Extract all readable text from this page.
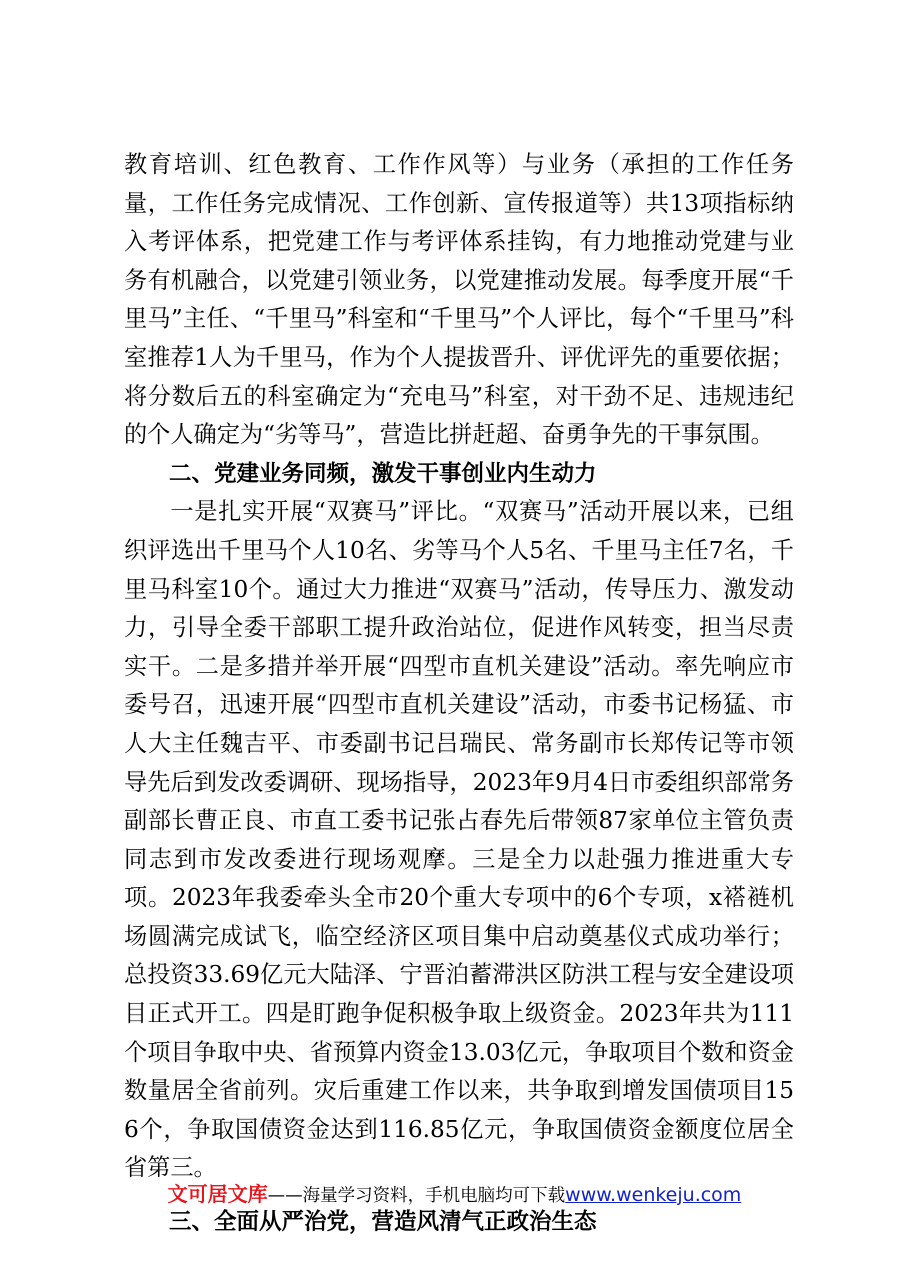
教育培训、红色教育、工作作风等）与业务（承担的工作任务量，工作任务完成情况、工作创新、宣传报道等）共13项指标纳入考评体系，把党建工作与考评体系挂钩，有力地推动党建与业务有机融合，以党建引领业务，以党建推动发展。每季度开展“千里马”主任、“千里马”科室和“千里马”个人评比，每个“千里马”科室推荐1人为千里马，作为个人提拔晋升、评优评先的重要依据；将分数后五的科室确定为“充电马”科室，对干劲不足、违规违纪的个人确定为“劣等马”，营造比拼赶超、奋勇争先的干事氛围。

二、党建业务同频，激发干事创业内生动力

一是扎实开展“双赛马”评比。“双赛马”活动开展以来，已组织评选出千里马个人10名、劣等马个人5名、千里马主任7名，千里马科室10个。通过大力推进“双赛马”活动，传导压力、激发动力，引导全委干部职工提升政治站位，促进作风转变，担当尽责实干。二是多措并举开展“四型市直机关建设”活动。率先响应市委号召，迅速开展“四型市直机关建设”活动，市委书记杨猛、市人大主任魏吉平、市委副书记吕瑞民、常务副市长郑传记等市领导先后到发改委调研、现场指导，2023年9月4日市委组织部常务副部长曹正良、市直工委书记张占春先后带领87家单位主管负责同志到市发改委进行现场观摩。三是全力以赴强力推进重大专项。2023年我委牵头全市20个重大专项中的6个专项，x褡裢机场圆满完成试飞，临空经济区项目集中启动奠基仪式成功举行；总投资33.69亿元大陆泽、宁晋泊蓄滞洪区防洪工程与安全建设项目正式开工。四是盯跑争促积极争取上级资金。2023年共为111个项目争取中央、省预算内资金13.03亿元，争取项目个数和资金数量居全省前列。灾后重建工作以来，共争取到增发国债项目156个，争取国债资金达到116.85亿元，争取国债资金额度位居全省第三。

三、全面从严治党，营造风清气正政治生态
文可居文库——海量学习资料，手机电脑均可下载www.wenkeju.com
